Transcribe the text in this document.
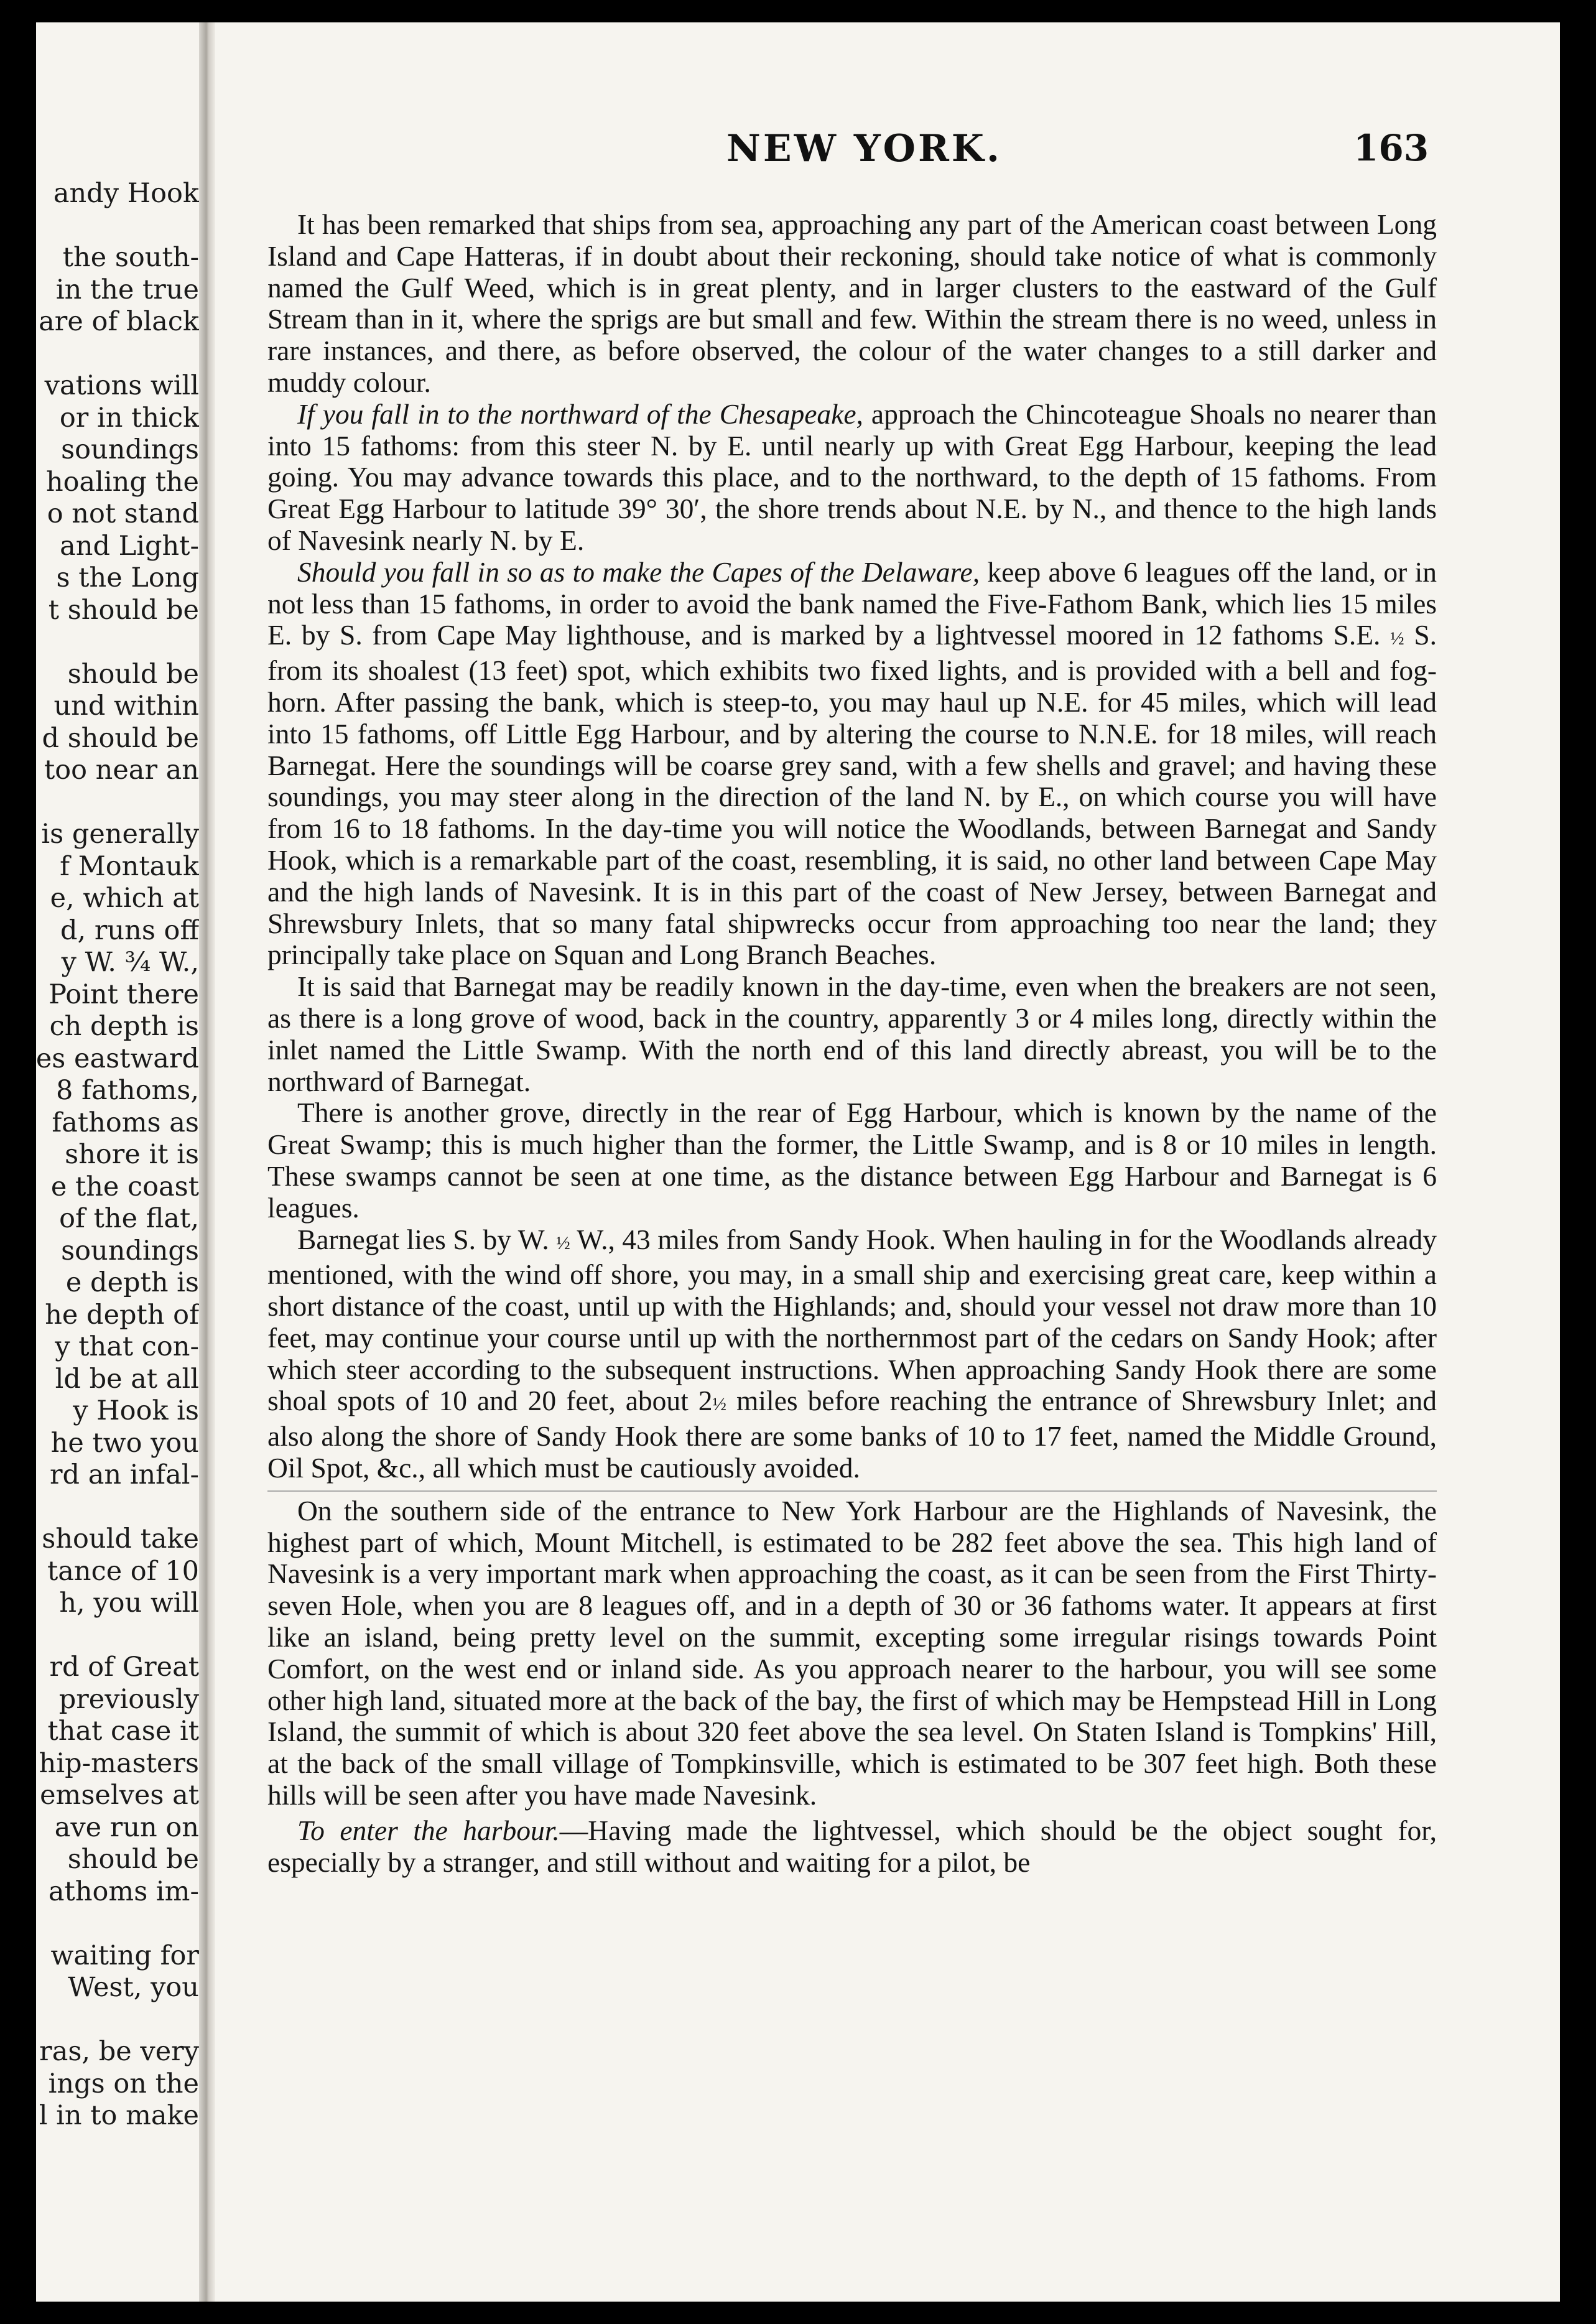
andy Hook
the south-
in the true
are of black
vations will
or in thick
soundings
hoaling the
o not stand
and Light-
s the Long
t should be
should be
und within
d should be
too near an
is generally
f Montauk
e, which at
d, runs off
y W. ¾ W.,
Point there
ch depth is
es eastward
8 fathoms,
fathoms as
shore it is
e the coast
of the flat,
soundings
e depth is
he depth of
y that con-
ld be at all
y Hook is
he two you
rd an infal-
should take
tance of 10
h, you will
rd of Great
previously
that case it
hip-masters
emselves at
ave run on
should be
athoms im-
waiting for
West, you
ras, be very
ings on the
l in to make
NEW YORK.	163

It has been remarked that ships from sea, approaching any part of the American coast between Long Island and Cape Hatteras, if in doubt about their reckoning, should take notice of what is commonly named the Gulf Weed, which is in great plenty, and in larger clusters to the eastward of the Gulf Stream than in it, where the sprigs are but small and few. Within the stream there is no weed, unless in rare instances, and there, as before observed, the colour of the water changes to a still darker and muddy colour.

If you fall in to the northward of the Chesapeake, approach the Chincoteague Shoals no nearer than into 15 fathoms: from this steer N. by E. until nearly up with Great Egg Harbour, keeping the lead going. You may advance towards this place, and to the northward, to the depth of 15 fathoms. From Great Egg Harbour to latitude 39° 30′, the shore trends about N.E. by N., and thence to the high lands of Navesink nearly N. by E.

Should you fall in so as to make the Capes of the Delaware, keep above 6 leagues off the land, or in not less than 15 fathoms, in order to avoid the bank named the Five-Fathom Bank, which lies 15 miles E. by S. from Cape May lighthouse, and is marked by a lightvessel moored in 12 fathoms S.E. ½ S. from its shoalest (13 feet) spot, which exhibits two fixed lights, and is provided with a bell and fog-horn. After passing the bank, which is steep-to, you may haul up N.E. for 45 miles, which will lead into 15 fathoms, off Little Egg Harbour, and by altering the course to N.N.E. for 18 miles, will reach Barnegat. Here the soundings will be coarse grey sand, with a few shells and gravel; and having these soundings, you may steer along in the direction of the land N. by E., on which course you will have from 16 to 18 fathoms. In the day-time you will notice the Woodlands, between Barnegat and Sandy Hook, which is a remarkable part of the coast, resembling, it is said, no other land between Cape May and the high lands of Navesink. It is in this part of the coast of New Jersey, between Barnegat and Shrewsbury Inlets, that so many fatal shipwrecks occur from approaching too near the land; they principally take place on Squan and Long Branch Beaches.

It is said that Barnegat may be readily known in the day-time, even when the breakers are not seen, as there is a long grove of wood, back in the country, apparently 3 or 4 miles long, directly within the inlet named the Little Swamp. With the north end of this land directly abreast, you will be to the northward of Barnegat.

There is another grove, directly in the rear of Egg Harbour, which is known by the name of the Great Swamp; this is much higher than the former, the Little Swamp, and is 8 or 10 miles in length. These swamps cannot be seen at one time, as the distance between Egg Harbour and Barnegat is 6 leagues.

Barnegat lies S. by W. ½ W., 43 miles from Sandy Hook. When hauling in for the Woodlands already mentioned, with the wind off shore, you may, in a small ship and exercising great care, keep within a short distance of the coast, until up with the Highlands; and, should your vessel not draw more than 10 feet, may continue your course until up with the northernmost part of the cedars on Sandy Hook; after which steer according to the subsequent instructions. When approaching Sandy Hook there are some shoal spots of 10 and 20 feet, about 2½ miles before reaching the entrance of Shrewsbury Inlet; and also along the shore of Sandy Hook there are some banks of 10 to 17 feet, named the Middle Ground, Oil Spot, &c., all which must be cautiously avoided.

On the southern side of the entrance to New York Harbour are the Highlands of Navesink, the highest part of which, Mount Mitchell, is estimated to be 282 feet above the sea. This high land of Navesink is a very important mark when approaching the coast, as it can be seen from the First Thirty-seven Hole, when you are 8 leagues off, and in a depth of 30 or 36 fathoms water. It appears at first like an island, being pretty level on the summit, excepting some irregular risings towards Point Comfort, on the west end or inland side. As you approach nearer to the harbour, you will see some other high land, situated more at the back of the bay, the first of which may be Hempstead Hill in Long Island, the summit of which is about 320 feet above the sea level. On Staten Island is Tompkins' Hill, at the back of the small village of Tompkinsville, which is estimated to be 307 feet high. Both these hills will be seen after you have made Navesink.

To enter the harbour.—Having made the lightvessel, which should be the object sought for, especially by a stranger, and still without and waiting for a pilot, be
